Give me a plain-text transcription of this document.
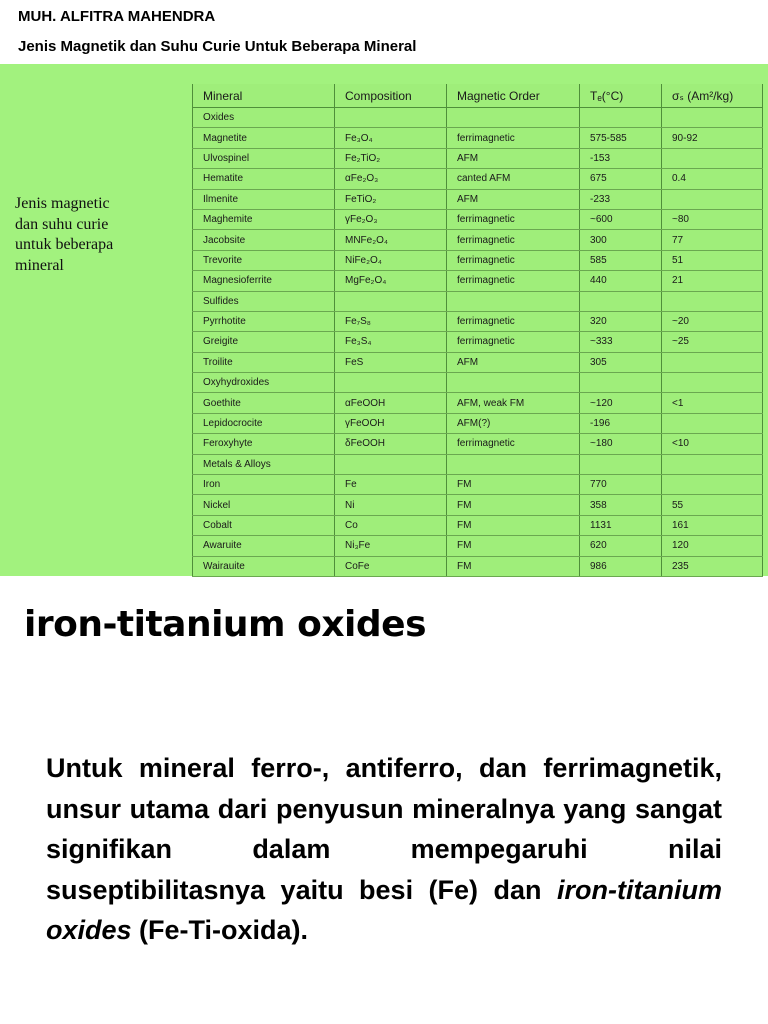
MUH. ALFITRA MAHENDRA
Jenis Magnetik dan Suhu Curie Untuk Beberapa Mineral
Jenis magnetic dan suhu curie untuk beberapa mineral
Mineral	Composition	Magnetic Order	Tₑ(°C)	σₛ (Am²/kg)
Oxides				
Magnetite	Fe₃O₄	ferrimagnetic	575-585	90-92
Ulvospinel	Fe₂TiO₂	AFM	-153	
Hematite	αFe₂O₃	canted AFM	675	0.4
Ilmenite	FeTiO₂	AFM	-233	
Maghemite	γFe₂O₃	ferrimagnetic	~600	~80
Jacobsite	MNFe₂O₄	ferrimagnetic	300	77
Trevorite	NiFe₂O₄	ferrimagnetic	585	51
Magnesioferrite	MgFe₂O₄	ferrimagnetic	440	21
Sulfides				
Pyrrhotite	Fe₇S₈	ferrimagnetic	320	~20
Greigite	Fe₃S₄	ferrimagnetic	~333	~25
Troilite	FeS	AFM	305	
Oxyhydroxides				
Goethite	αFeOOH	AFM, weak FM	~120	<1
Lepidocrocite	γFeOOH	AFM(?)	-196	
Feroxyhyte	δFeOOH	ferrimagnetic	~180	<10
Metals & Alloys				
Iron	Fe	FM	770	
Nickel	Ni	FM	358	55
Cobalt	Co	FM	1131	161
Awaruite	Ni₃Fe	FM	620	120
Wairauite	CoFe	FM	986	235
iron-titanium oxides
Untuk mineral ferro-, antiferro, dan ferrimagnetik, unsur utama dari penyusun mineralnya yang sangat signifikan dalam mempegaruhi nilai suseptibilitasnya yaitu besi (Fe) dan iron-titanium oxides (Fe-Ti-oxida).
